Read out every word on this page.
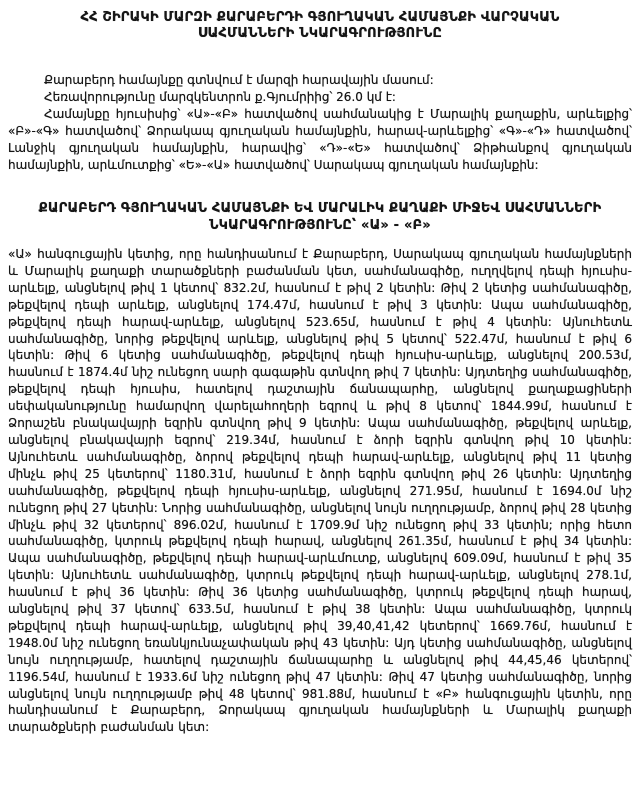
ՀՀ ՇԻՐԱԿԻ ՄԱՐԶԻ ՔԱՐԱԲԵՐԴԻ ԳՅՈՒՂԱԿԱՆ ՀԱՄԱՅՆՔԻ ՎԱՐՉԱԿԱՆ ՍԱՀՄԱՆՆԵՐԻ ՆԿԱՐԱԳՐՈՒԹՅՈՒՆԸ

Քարաբերդ համայնքը գտնվում է մարզի հարավային մասում:

Հեռավորությունը մարզկենտրոն ք.Գյումրիից՝ 26.0 կմ է:

Համայնքը հյուսիսից՝ «Ա»-«Բ» հատվածով սահմանակից է Մարալիկ քաղաքին, արևելքից՝ «Բ»-«Գ» հատվածով՝ Ձորակապ գյուղական համայնքին, հարավ-արևելքից՝ «Գ»-«Դ» հատվածով՝ Լանջիկ գյուղական համայնքին, հարավից՝ «Դ»-«Ե» հատվածով՝ Ձիթհանքով գյուղական համայնքին, արևմուտքից՝ «Ե»-«Ա» հատվածով՝ Սարակապ գյուղական համայնքին:

ՔԱՐԱԲԵՐԴ ԳՅՈՒՂԱԿԱՆ ՀԱՄԱՅՆՔԻ ԵՎ ՄԱՐԱԼԻԿ ՔԱՂԱՔԻ ՄԻՋԵՎ ՍԱՀՄԱՆՆԵՐԻ ՆԿԱՐԱԳՐՈՒԹՅՈՒՆԸ՝ «Ա» - «Բ»

«Ա» հանգուցային կետից, որը հանդիսանում է Քարաբերդ, Սարակապ գյուղական համայնքների և Մարալիկ քաղաքի տարածքների բաժանման կետ, սահմանագիծը, ուղղվելով դեպի հյուսիս-արևելք, անցնելով թիվ 1 կետով՝ 832.2մ, հասնում է թիվ 2 կետին: Թիվ 2 կետից սահմանագիծը, թեքվելով դեպի արևելք, անցնելով 174.47մ, հասնում է թիվ 3 կետին: Ապա սահմանագիծը, թեքվելով դեպի հարավ-արևելք, անցնելով 523.65մ, հասնում է թիվ 4 կետին: Այնուհետև սահմանագիծը, նորից թեքվելով արևելք, անցնելով թիվ 5 կետով՝ 522.47մ, հասնում է թիվ 6 կետին: Թիվ 6 կետից սահմանագիծը, թեքվելով դեպի հյուսիս-արևելք, անցնելով 200.53մ, հասնում է 1874.4մ նիշ ունեցող սարի գագաթին գտնվող թիվ 7 կետին: Այդտեղից սահմանագիծը, թեքվելով դեպի հյուսիս, հատելով դաշտային ճանապարհը, անցնելով քաղաքացիների սեփականությունը համարվող վարելահողերի եզրով և թիվ 8 կետով՝ 1844.99մ, հասնում է Ձորաշեն բնակավայրի եզրին գտնվող թիվ 9 կետին: Ապա սահմանագիծը, թեքվելով արևելք, անցնելով բնակավայրի եզրով՝ 219.34մ, հասնում է ձորի եզրին գտնվող թիվ 10 կետին: Այնուհետև սահմանագիծը, ձորով թեքվելով դեպի հարավ-արևելք, անցնելով թիվ 11 կետից մինչև թիվ 25 կետերով՝ 1180.31մ, հասնում է ձորի եզրին գտնվող թիվ 26 կետին: Այդտեղից սահմանագիծը, թեքվելով դեպի հյուսիս-արևելք, անցնելով 271.95մ, հասնում է 1694.0մ նիշ ունեցող թիվ 27 կետին: Նորից սահմանագիծը, անցնելով նույն ուղղությամբ, ձորով թիվ 28 կետից մինչև թիվ 32 կետերով՝ 896.02մ, հասնում է 1709.9մ նիշ ունեցող թիվ 33 կետին; որից հետո սահմանագիծը, կտրուկ թեքվելով դեպի հարավ, անցնելով 261.35մ, հասնում է թիվ 34 կետին: Ապա սահմանագիծը, թեքվելով դեպի հարավ-արևմուտք, անցնելով 609.09մ, հասնում է թիվ 35 կետին: Այնուհետև սահմանագիծը, կտրուկ թեքվելով դեպի հարավ-արևելք, անցնելով 278.1մ, հասնում է թիվ 36 կետին: Թիվ 36 կետից սահմանագիծը, կտրուկ թեքվելով դեպի հարավ, անցնելով թիվ 37 կետով՝ 633.5մ, հասնում է թիվ 38 կետին: Ապա սահմանագիծը, կտրուկ թեքվելով դեպի հարավ-արևելք, անցնելով թիվ 39,40,41,42 կետերով՝ 1669.76մ, հասնում է 1948.0մ նիշ ունեցող եռանկյունաչափական թիվ 43 կետին: Այդ կետից սահմանագիծը, անցնելով նույն ուղղությամբ, հատելով դաշտային ճանապարհը և անցնելով թիվ 44,45,46 կետերով՝ 1196.54մ, հասնում է 1933.6մ նիշ ունեցող թիվ 47 կետին: Թիվ 47 կետից սահմանագիծը, նորից անցնելով նույն ուղղությամբ թիվ 48 կետով՝ 981.88մ, հասնում է «Բ» հանգուցային կետին, որը հանդիսանում է Քարաբերդ, Ձորակապ գյուղական համայնքների և Մարալիկ քաղաքի տարածքների բաժանման կետ:
